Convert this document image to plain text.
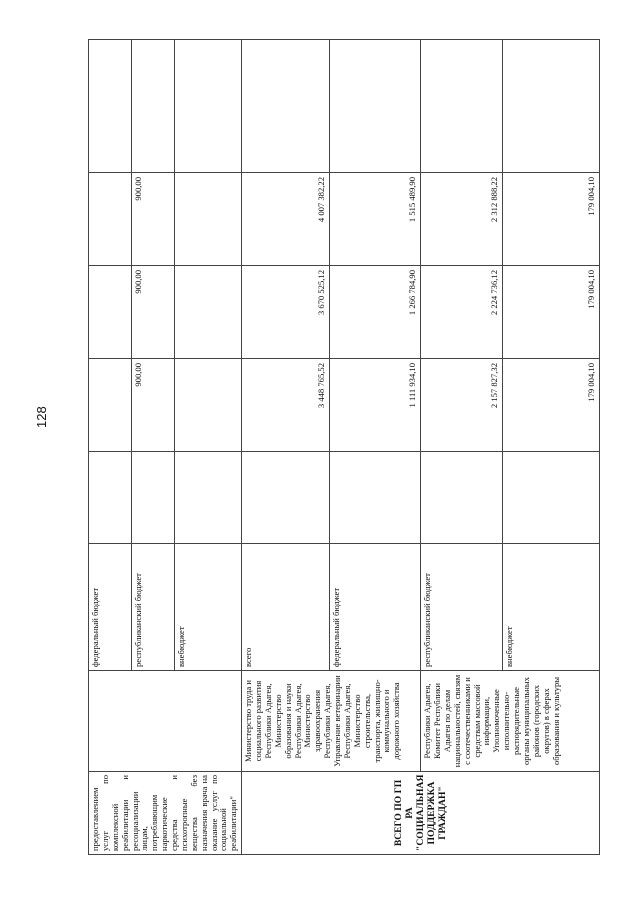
128
предоставлением услуг по комплексной реабилитации и ресоциализации лицам, потребляющим наркотические средства и психотропные вещества без назначения врача на оказание услуг по социальной реабилитации"		федеральный бюджет					
		республиканский бюджет		900,00	900,00	900,00	
		внебюджет					
ВСЕГО ПО ГП РА "СОЦИАЛЬНАЯ ПОДДЕРЖКА ГРАЖДАН"	Министерство труда и социального развития Республики Адыгея, Министерство образования и науки Республики Адыгея, Министерство здравоохранения Республики Адыгея, Управление ветеринарии Республики Адыгея, Министерство строительства, транспорта, жилищно-коммунального и дорожного хозяйства	всего		3 448 765,52	3 670 525,12	4 007 382,22	
		федеральный бюджет		1 111 934,10	1 266 784,90	1 515 489,90	
	Республики Адыгея, Комитет Республики Адыгея по делам национальностей, связям с соотечественниками и средствам массовой информации, Уполномоченные исполнительно-распорядительные органы муниципальных районов (городских округов) в сферах образования и культуры	республиканский бюджет		2 157 827,32	2 224 736,12	2 312 888,22	
		внебюджет		179 004,10	179 004,10	179 004,10	
